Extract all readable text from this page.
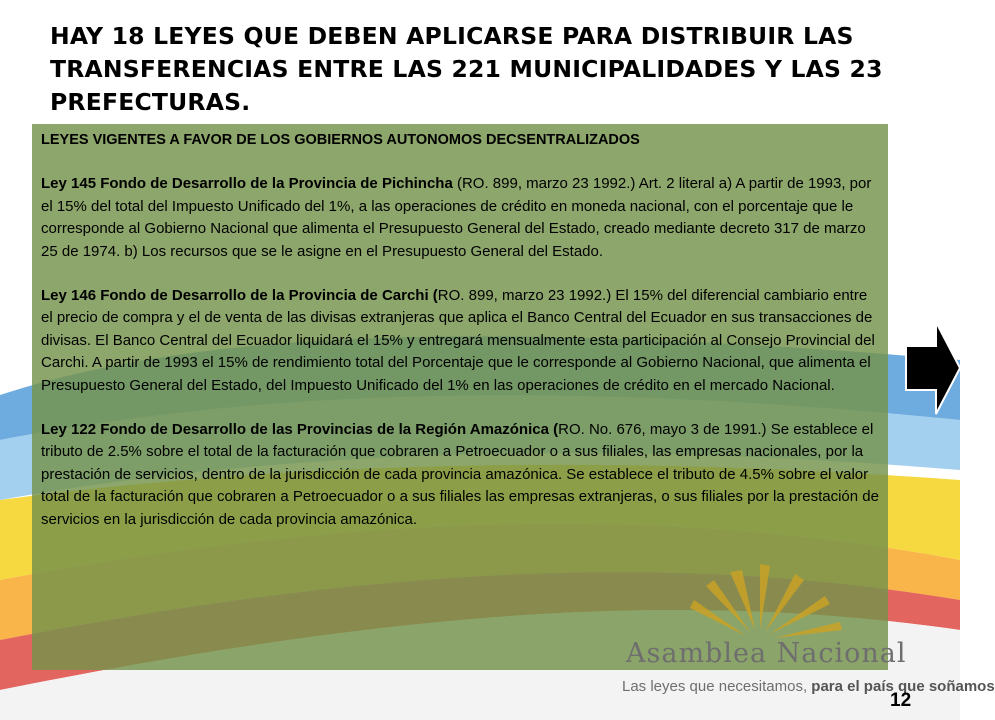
HAY 18 LEYES QUE DEBEN APLICARSE PARA DISTRIBUIR LAS TRANSFERENCIAS ENTRE LAS 221 MUNICIPALIDADES Y LAS 23 PREFECTURAS.

LEYES VIGENTES A FAVOR DE LOS GOBIERNOS AUTONOMOS DECSENTRALIZADOS

Ley 145 Fondo de Desarrollo de la Provincia de Pichincha (RO. 899, marzo 23 1992.) Art. 2 literal a) A partir de 1993, por el 15% del total del Impuesto Unificado del 1%, a las operaciones de crédito en moneda nacional, con el porcentaje que le corresponde al Gobierno Nacional que alimenta el Presupuesto General del Estado, creado mediante decreto 317 de marzo 25 de 1974. b) Los recursos que se le asigne en el Presupuesto General del Estado.

Ley 146 Fondo de Desarrollo de la Provincia de Carchi (RO. 899, marzo 23 1992.) El 15% del diferencial cambiario entre el precio de compra y el de venta de las divisas extranjeras que aplica el Banco Central del Ecuador en sus transacciones de divisas. El Banco Central del Ecuador liquidará el 15% y entregará mensualmente esta participación al Consejo Provincial del Carchi. A partir de 1993 el 15% de rendimiento total del Porcentaje que le corresponde al Gobierno Nacional, que alimenta el Presupuesto General del Estado, del Impuesto Unificado del 1% en las operaciones de crédito en el mercado Nacional.

Ley 122 Fondo de Desarrollo de las Provincias de la Región Amazónica (RO. No. 676, mayo 3 de 1991.) Se establece el tributo de 2.5% sobre el total de la facturación que cobraren a Petroecuador o a sus filiales, las empresas nacionales, por la prestación de servicios, dentro de la jurisdicción de cada provincia amazónica. Se establece el tributo de 4.5% sobre el valor total de la facturación que cobraren a Petroecuador o a sus filiales las empresas extranjeras, o sus filiales por la prestación de servicios en la jurisdicción de cada provincia amazónica.

Asamblea Nacional
Las leyes que necesitamos, para el país que soñamos
12
